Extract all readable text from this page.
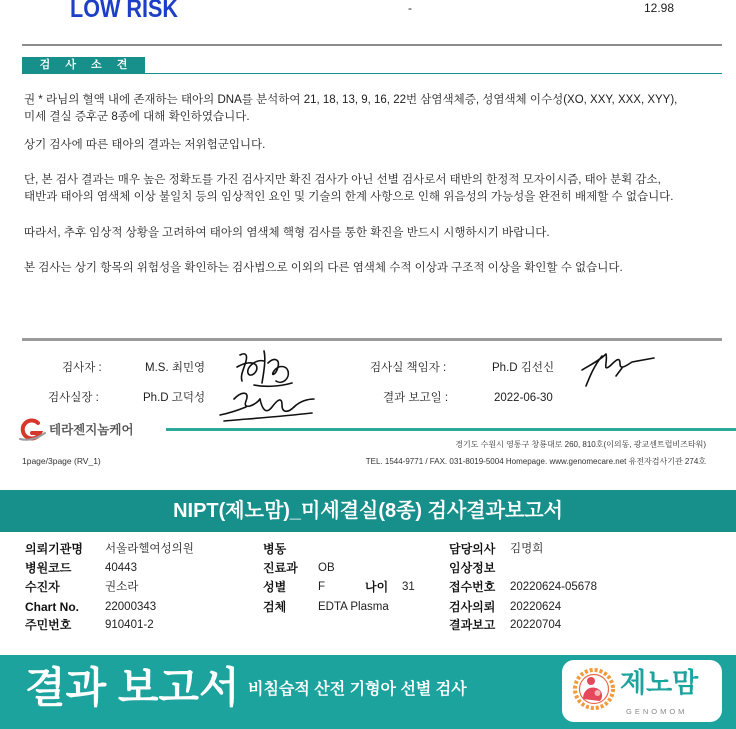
LOW RISK	-	12.98
검 사 소 견
권 * 라님의 혈액 내에 존재하는 태아의 DNA를 분석하여 21, 18, 13, 9, 16, 22번 삼염색체증, 성염색체 이수성(XO, XXY, XXX, XYY),
미세 결실 증후군 8종에 대해 확인하였습니다.
상기 검사에 따른 태아의 결과는 저위험군입니다.
단, 본 검사 결과는 매우 높은 정확도를 가진 검사지만 확진 검사가 아닌 선별 검사로서 태반의 한정적 모자이시즘, 태아 분획 감소,
태반과 태아의 염색체 이상 불일치 등의 임상적인 요인 및 기술의 한계 사항으로 인해 위음성의 가능성을 완전히 배제할 수 없습니다.
따라서, 추후 임상적 상황을 고려하여 태아의 염색체 핵형 검사를 통한 확진을 반드시 시행하시기 바랍니다.
본 검사는 상기 항목의 위험성을 확인하는 검사법으로 이외의 다른 염색체 수적 이상과 구조적 이상을 확인할 수 없습니다.
검사자 :	M.S. 최민영	검사실 책임자 :	Ph.D 김선신
검사실장 :	Ph.D 고덕성	결과 보고일 :	2022-06-30
테라젠지놈케어
경기도 수원시 영통구 창룡대로 260, 810호(이의동, 광교센트럴비즈타워)
1page/3page (RV_1)	TEL. 1544-9771 / FAX. 031-8019-5004 Homepage. www.genomecare.net 유전자검사기관 274호
NIPT(제노맘)_미세결실(8종) 검사결과보고서
의뢰기관명 서울라헬여성의원
병원코드	40443
수진자	권소라
Chart No. 22000343
주민번호	910401-2
병동
진료과 OB
성별	F	나이 31
검체	EDTA Plasma
담당의사 김명희
임상정보
접수번호 20220624-05678
검사의뢰 20220624
결과보고 20220704
결과 보고서 비침습적 산전 기형아 선별 검사	제노맘
GENOMOM
